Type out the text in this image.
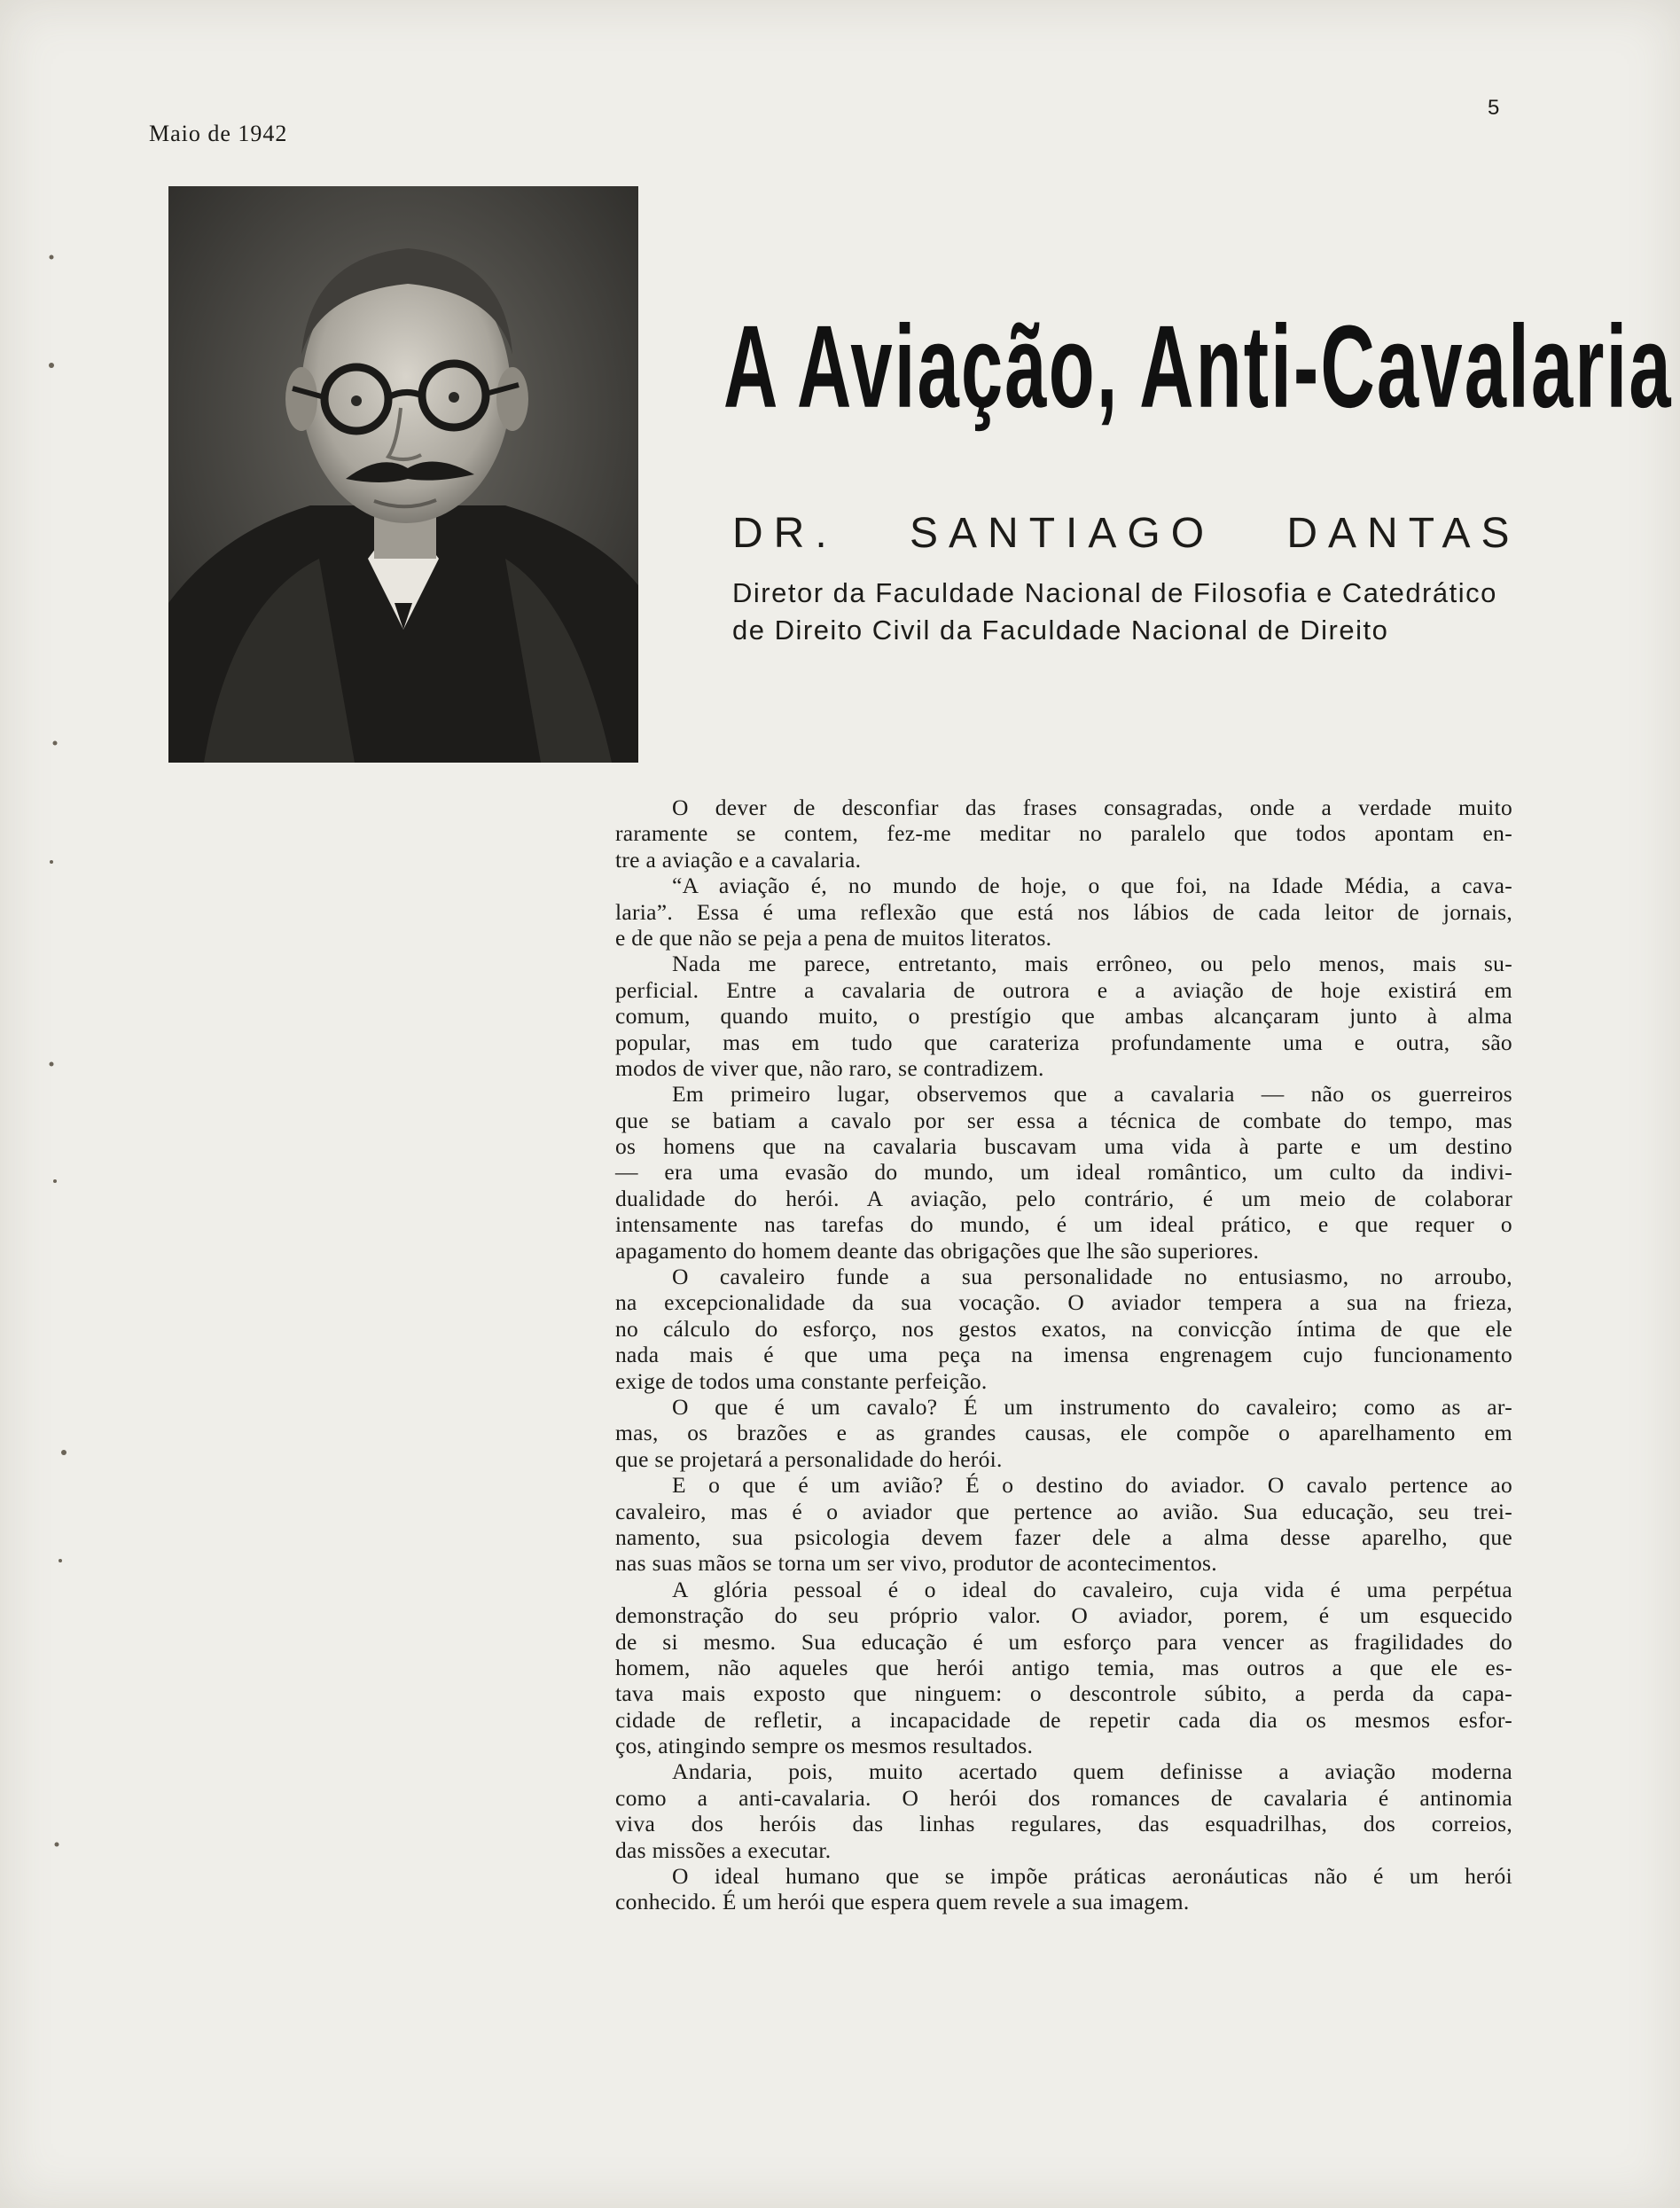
Maio de 1942
5
A Aviação, Anti-Cavalaria
DR. SANTIAGO DANTAS
Diretor da Faculdade Nacional de Filosofia e Catedrático
de Direito Civil da Faculdade Nacional de Direito
O dever de desconfiar das frases consagradas, onde a verdade muito
raramente se contem, fez-me meditar no paralelo que todos apontam en-
tre a aviação e a cavalaria.
“A aviação é, no mundo de hoje, o que foi, na Idade Média, a cava-
laria”. Essa é uma reflexão que está nos lábios de cada leitor de jornais,
e de que não se peja a pena de muitos literatos.
Nada me parece, entretanto, mais errôneo, ou pelo menos, mais su-
perficial. Entre a cavalaria de outrora e a aviação de hoje existirá em
comum, quando muito, o prestígio que ambas alcançaram junto à alma
popular, mas em tudo que carateriza profundamente uma e outra, são
modos de viver que, não raro, se contradizem.
Em primeiro lugar, observemos que a cavalaria — não os guerreiros
que se batiam a cavalo por ser essa a técnica de combate do tempo, mas
os homens que na cavalaria buscavam uma vida à parte e um destino
— era uma evasão do mundo, um ideal romântico, um culto da indivi-
dualidade do herói. A aviação, pelo contrário, é um meio de colaborar
intensamente nas tarefas do mundo, é um ideal prático, e que requer o
apagamento do homem deante das obrigações que lhe são superiores.
O cavaleiro funde a sua personalidade no entusiasmo, no arroubo,
na excepcionalidade da sua vocação. O aviador tempera a sua na frieza,
no cálculo do esforço, nos gestos exatos, na convicção íntima de que ele
nada mais é que uma peça na imensa engrenagem cujo funcionamento
exige de todos uma constante perfeição.
O que é um cavalo? É um instrumento do cavaleiro; como as ar-
mas, os brazões e as grandes causas, ele compõe o aparelhamento em
que se projetará a personalidade do herói.
E o que é um avião? É o destino do aviador. O cavalo pertence ao
cavaleiro, mas é o aviador que pertence ao avião. Sua educação, seu trei-
namento, sua psicologia devem fazer dele a alma desse aparelho, que
nas suas mãos se torna um ser vivo, produtor de acontecimentos.
A glória pessoal é o ideal do cavaleiro, cuja vida é uma perpétua
demonstração do seu próprio valor. O aviador, porem, é um esquecido
de si mesmo. Sua educação é um esforço para vencer as fragilidades do
homem, não aqueles que herói antigo temia, mas outros a que ele es-
tava mais exposto que ninguem: o descontrole súbito, a perda da capa-
cidade de refletir, a incapacidade de repetir cada dia os mesmos esfor-
ços, atingindo sempre os mesmos resultados.
Andaria, pois, muito acertado quem definisse a aviação moderna
como a anti-cavalaria. O herói dos romances de cavalaria é antinomia
viva dos heróis das linhas regulares, das esquadrilhas, dos correios,
das missões a executar.
O ideal humano que se impõe práticas aeronáuticas não é um herói
conhecido. É um herói que espera quem revele a sua imagem.
